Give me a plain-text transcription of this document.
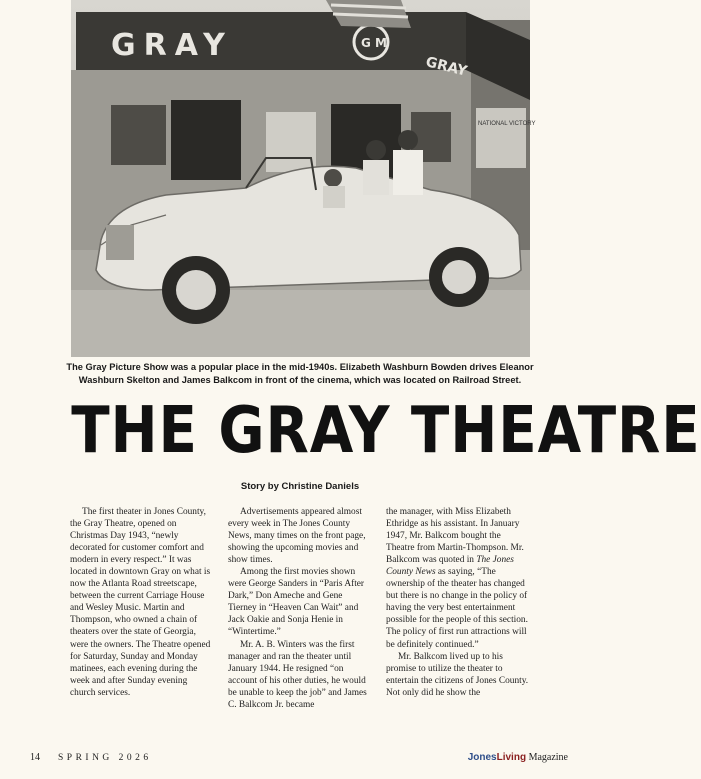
GRAY	G M
GRAY
NATIONAL VICTORY
The Gray Picture Show was a popular place in the mid-1940s. Elizabeth Washburn Bowden drives Eleanor
Washburn Skelton and James Balkcom in front of the cinema, which was located on Railroad Street.
THE GRAY THEATRE
Story by Christine Daniels

The first theater in Jones County, the Gray Theatre, opened on Christmas Day 1943, “newly decorated for customer comfort and modern in every respect.” It was located in downtown Gray on what is now the Atlanta Road streetscape, between the current Carriage House and Wesley Music. Martin and Thompson, who owned a chain of theaters over the state of Georgia, were the owners. The Theatre opened for Saturday, Sunday and Monday matinees, each evening during the week and after Sunday evening church services.

Advertisements appeared almost every week in The Jones County News, many times on the front page, showing the upcoming movies and show times.

Among the first movies shown were George Sanders in “Paris After Dark,” Don Ameche and Gene Tierney in “Heaven Can Wait” and Jack Oakie and Sonja Henie in “Wintertime.”

Mr. A. B. Winters was the first manager and ran the theater until January 1944. He resigned “on account of his other duties, he would be unable to keep the job” and James C. Balkcom Jr. became

the manager, with Miss Elizabeth Ethridge as his assistant. In January 1947, Mr. Balkcom bought the Theatre from Martin-Thompson. Mr. Balkcom was quoted in The Jones County News as saying, “The ownership of the theater has changed but there is no change in the policy of having the very best entertainment possible for the people of this section. The policy of first run attractions will be definitely continued.”

Mr. Balkcom lived up to his promise to utilize the theater to entertain the citizens of Jones County. Not only did he show the

14 SPRING 2026	JonesLiving Magazine
